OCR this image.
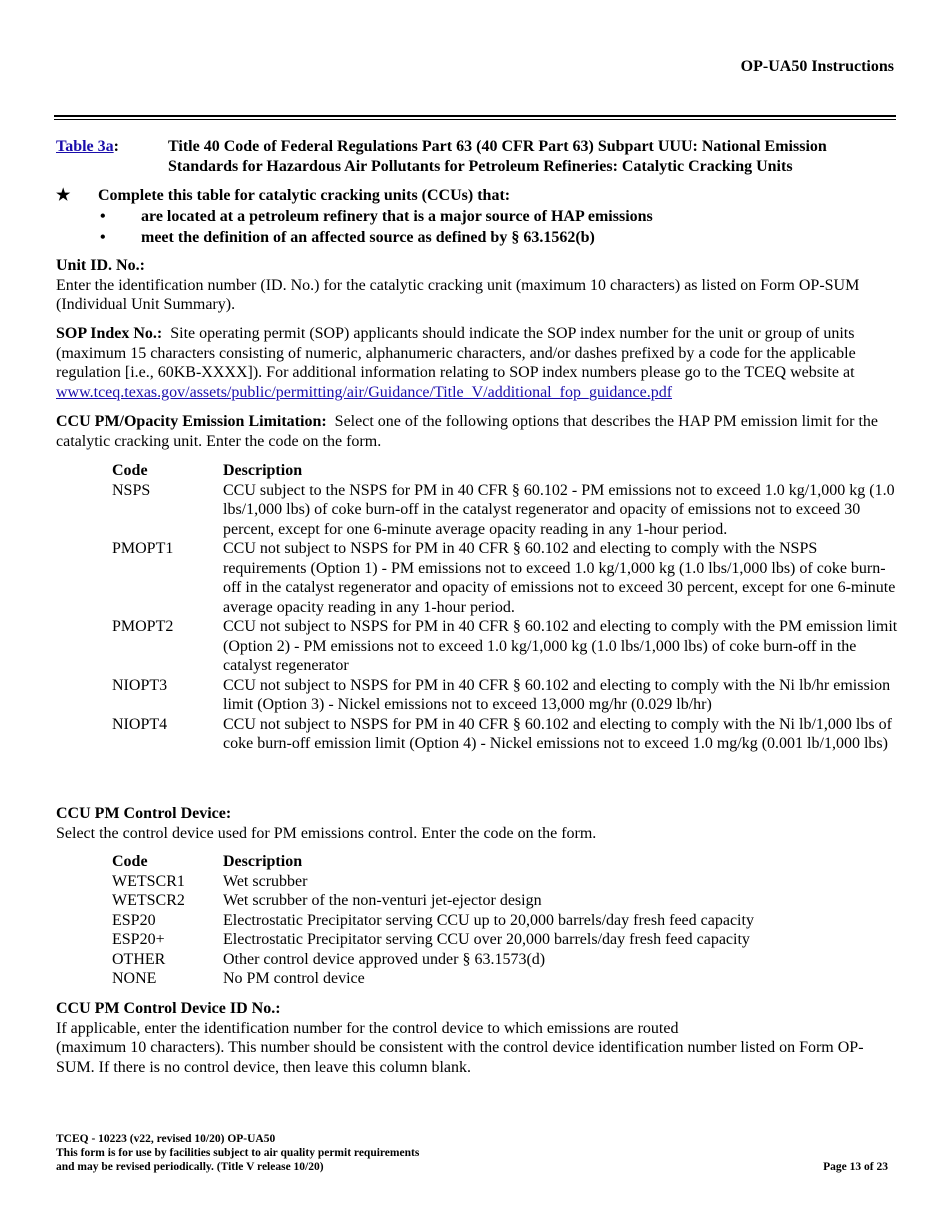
OP-UA50 Instructions
Table 3a:	Title 40 Code of Federal Regulations Part 63 (40 CFR Part 63) Subpart UUU: National Emission Standards for Hazardous Air Pollutants for Petroleum Refineries: Catalytic Cracking Units
★ Complete this table for catalytic cracking units (CCUs) that:
• are located at a petroleum refinery that is a major source of HAP emissions
• meet the definition of an affected source as defined by § 63.1562(b)
Unit ID. No.:

Enter the identification number (ID. No.) for the catalytic cracking unit (maximum 10 characters) as listed on Form OP-SUM (Individual Unit Summary).

SOP Index No.: Site operating permit (SOP) applicants should indicate the SOP index number for the unit or group of units (maximum 15 characters consisting of numeric, alphanumeric characters, and/or dashes prefixed by a code for the applicable regulation [i.e., 60KB-XXXX]). For additional information relating to SOP index numbers please go to the TCEQ website at www.tceq.texas.gov/assets/public/permitting/air/Guidance/Title_V/additional_fop_guidance.pdf

CCU PM/Opacity Emission Limitation: Select one of the following options that describes the HAP PM emission limit for the catalytic cracking unit. Enter the code on the form.

Code	Description
NSPS	CCU subject to the NSPS for PM in 40 CFR § 60.102 - PM emissions not to exceed 1.0 kg/1,000 kg (1.0 lbs/1,000 lbs) of coke burn-off in the catalyst regenerator and opacity of emissions not to exceed 30 percent, except for one 6-minute average opacity reading in any 1-hour period.
PMOPT1	CCU not subject to NSPS for PM in 40 CFR § 60.102 and electing to comply with the NSPS requirements (Option 1) - PM emissions not to exceed 1.0 kg/1,000 kg (1.0 lbs/1,000 lbs) of coke burn-off in the catalyst regenerator and opacity of emissions not to exceed 30 percent, except for one 6-minute average opacity reading in any 1-hour period.
PMOPT2	CCU not subject to NSPS for PM in 40 CFR § 60.102 and electing to comply with the PM emission limit (Option 2) - PM emissions not to exceed 1.0 kg/1,000 kg (1.0 lbs/1,000 lbs) of coke burn-off in the catalyst regenerator
NIOPT3	CCU not subject to NSPS for PM in 40 CFR § 60.102 and electing to comply with the Ni lb/hr emission limit (Option 3) - Nickel emissions not to exceed 13,000 mg/hr (0.029 lb/hr)
NIOPT4	CCU not subject to NSPS for PM in 40 CFR § 60.102 and electing to comply with the Ni lb/1,000 lbs of coke burn-off emission limit (Option 4) - Nickel emissions not to exceed 1.0 mg/kg (0.001 lb/1,000 lbs)
CCU PM Control Device:

Select the control device used for PM emissions control. Enter the code on the form.

Code	Description
WETSCR1	Wet scrubber
WETSCR2	Wet scrubber of the non-venturi jet-ejector design
ESP20	Electrostatic Precipitator serving CCU up to 20,000 barrels/day fresh feed capacity
ESP20+	Electrostatic Precipitator serving CCU over 20,000 barrels/day fresh feed capacity
OTHER	Other control device approved under § 63.1573(d)
NONE	No PM control device
CCU PM Control Device ID No.:
If applicable, enter the identification number for the control device to which emissions are routed
(maximum 10 characters). This number should be consistent with the control device identification number listed on Form OP-SUM. If there is no control device, then leave this column blank.
TCEQ - 10223 (v22, revised 10/20) OP-UA50
This form is for use by facilities subject to air quality permit requirements
and may be revised periodically. (Title V release 10/20)	Page 13 of 23
